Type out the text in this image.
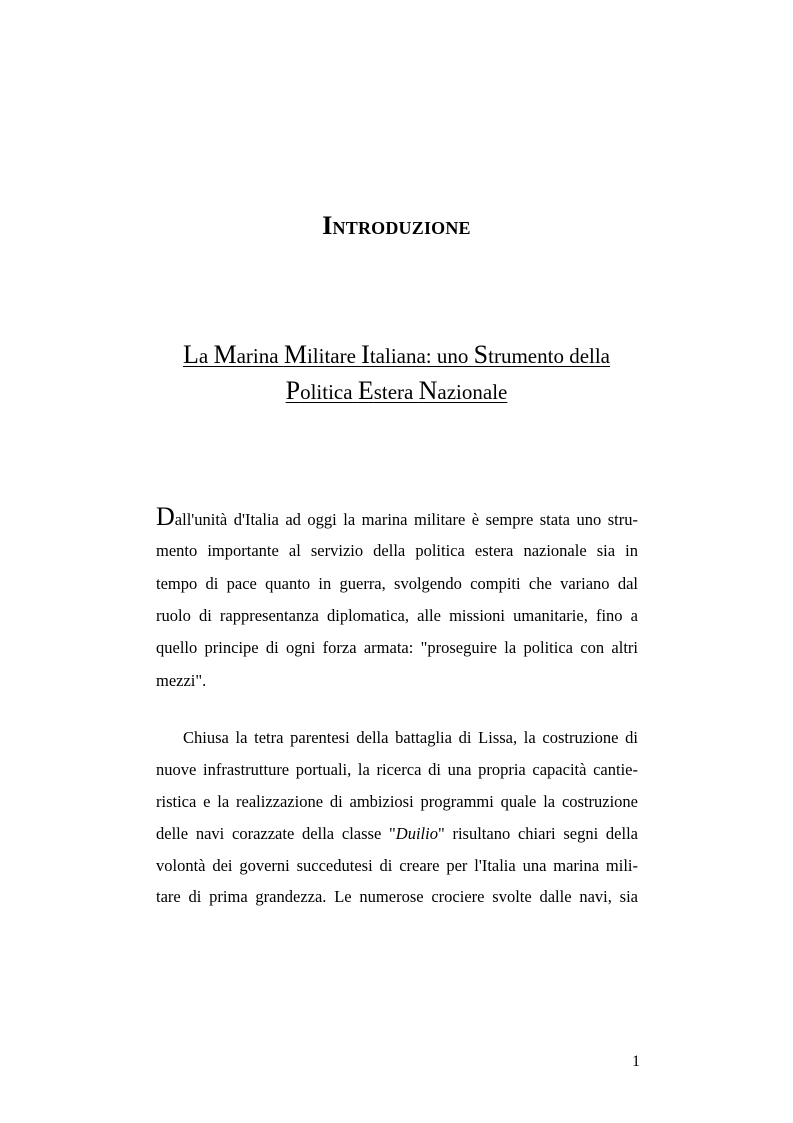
INTRODUZIONE
La Marina Militare Italiana: uno Strumento della
Politica Estera Nazionale
Dall'unità d'Italia ad oggi la marina militare è sempre stata uno stru-
mento importante al servizio della politica estera nazionale sia in
tempo di pace quanto in guerra, svolgendo compiti che variano dal
ruolo di rappresentanza diplomatica, alle missioni umanitarie, fino a
quello principe di ogni forza armata: "proseguire la politica con altri
mezzi".
Chiusa la tetra parentesi della battaglia di Lissa, la costruzione di
nuove infrastrutture portuali, la ricerca di una propria capacità cantie-
ristica e la realizzazione di ambiziosi programmi quale la costruzione
delle navi corazzate della classe "Duilio" risultano chiari segni della
volontà dei governi succedutesi di creare per l'Italia una marina mili-
tare di prima grandezza. Le numerose crociere svolte dalle navi, sia
1
